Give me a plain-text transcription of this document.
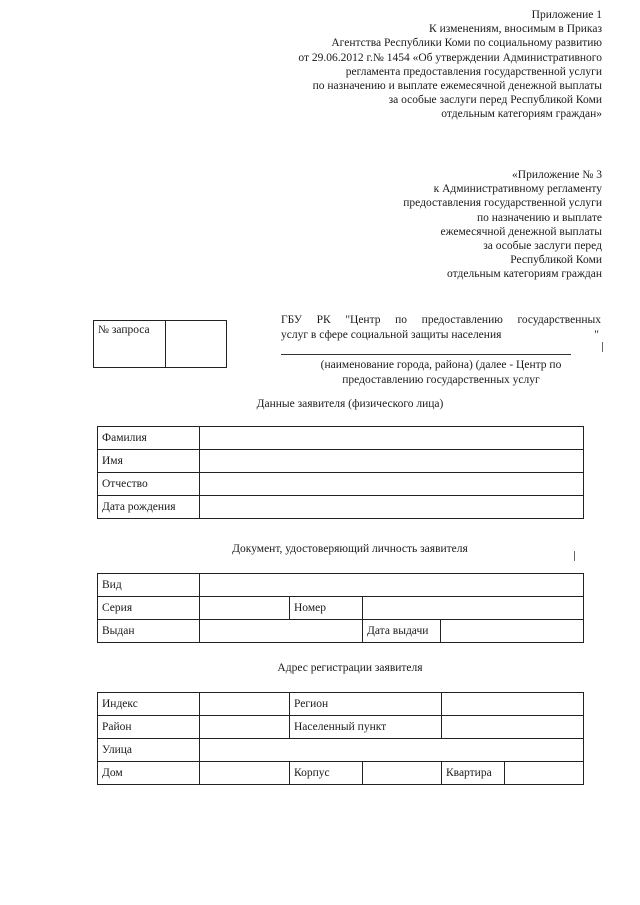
Приложение 1
К изменениям, вносимым в Приказ
Агентства Республики Коми по социальному развитию
от 29.06.2012 г.№ 1454 «Об утверждении Административного
регламента предоставления государственной услуги
по назначению и выплате ежемесячной денежной выплаты
за особые заслуги перед Республикой Коми
отдельным категориям граждан»
«Приложение № 3
к Административному регламенту
предоставления государственной услуги
по назначению и выплате
ежемесячной денежной выплаты
за особые заслуги перед
Республикой Коми
отдельным категориям граждан
№ запроса
ГБУ РК "Центр по предоставлению государственных
услуг в сфере социальной защиты населения	"
(наименование города, района) (далее - Центр по
предоставлению государственных услуг
Данные заявителя (физического лица)
Фамилия	
Имя	
Отчество	
Дата рождения	
Документ, удостоверяющий личность заявителя
Вид			
Серия		Номер	
Выдан			Дата выдачи
Адрес регистрации заявителя
Индекс		Регион		
Район		Населенный пункт		
Улица				
Дом		Корпус		Квартира
